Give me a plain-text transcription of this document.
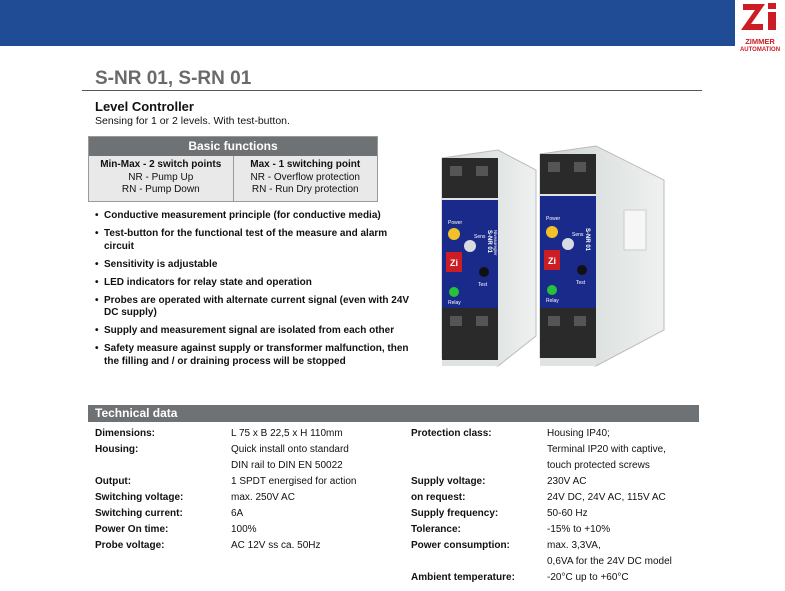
ZIMMER
AUTOMATION
S-NR 01, S-RN 01
Level Controller
Sensing for 1 or 2 levels. With test-button.
Basic functions
Min-Max - 2 switch points
NR - Pump Up
RN - Pump Down
Max - 1 switching point
NR - Overflow protection
RN - Run Dry protection
• Conductive measurement principle (for conductive media)
• Test-button for the functional test of the measure and alarm circuit
• Sensitivity is adjustable
• LED indicators for relay state and operation
• Probes are operated with alternate current signal (even with 24V DC supply)
• Supply and measurement signal are isolated from each other
• Safety measure against supply or transformer malfunction, then the filling and / or draining process will be stopped
Zi
Power
Sens
Test
Relay
S-NR 01
Zi
Power
Sens
Test
Relay
S-NR 01 Niveauregler
Technical data
Dimensions:	L 75 x B 22,5 x H 110mm
Housing:	Quick install onto standard
DIN rail to DIN EN 50022
Output:	1 SPDT energised for action
Switching voltage:	max. 250V AC
Switching current:	6A
Power On time:	100%
Probe voltage:	AC 12V ss ca. 50Hz
Protection class:	Housing IP40;
Terminal IP20 with captive,
touch protected screws
Supply voltage:	230V AC
on request:	24V DC, 24V AC, 115V AC
Supply frequency:	50-60 Hz
Tolerance:	-15% to +10%
Power consumption:	max. 3,3VA,
0,6VA for the 24V DC model
Ambient temperature:	-20°C up to +60°C
